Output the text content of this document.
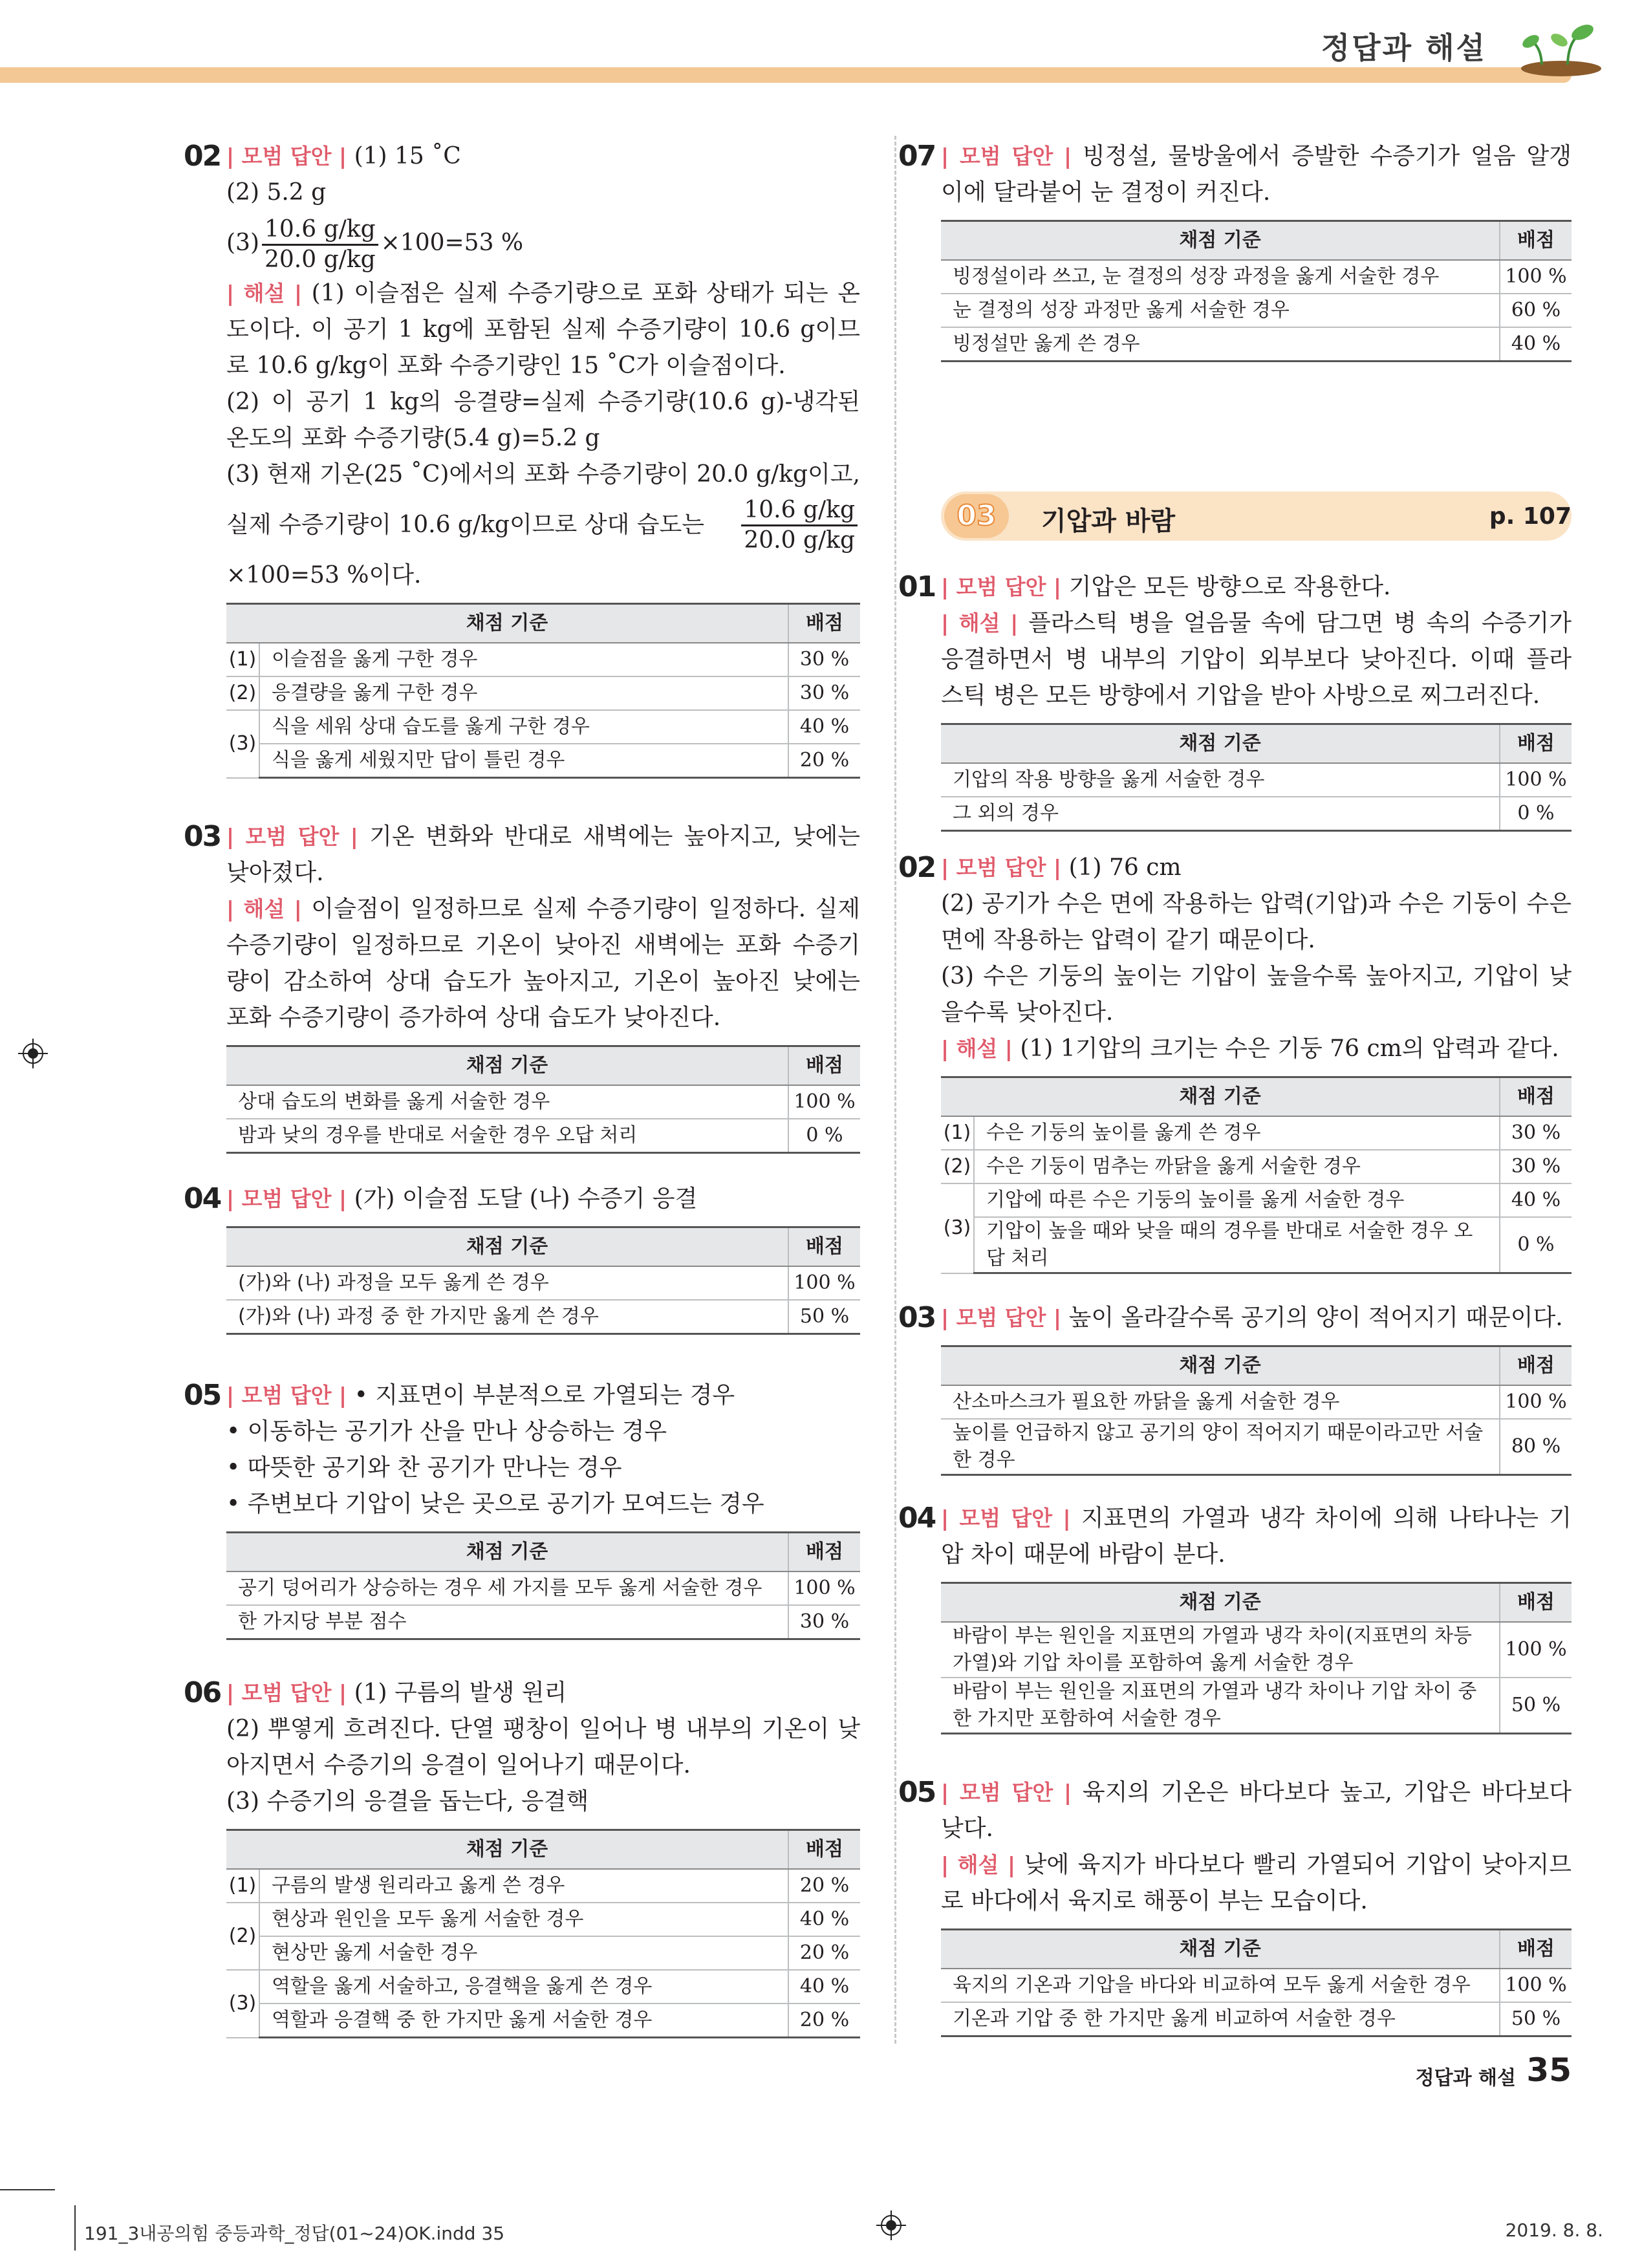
정답과 해설
02 | 모범 답안 | (1) 15 ˚C
(2) 5.2 g
$(3) \frac{10.6 g/kg}{20.0 g/kg} \times 100=53$ %
| 해설 | (1) 이슬점은 실제 수증기량으로 포화 상태가 되는 온
도이다. 이 공기 1 kg에 포함된 실제 수증기량이 10.6 g이므
로 10.6 g/kg이 포화 수증기량인 15 ˚C가 이슬점이다.
(2) 이 공기 1 kg의 응결량=실제 수증기량(10.6 g)-냉각된
온도의 포화 수증기량(5.4 g)=5.2 g
(3) 현재 기온(25 ˚C)에서의 포화 수증기량이 20.0 g/kg이고,
실제 수증기량이 10.6 g/kg이므로 상대 습도는 $\frac{10.6 g/kg}{20.0 g/kg}$
×100=53 %이다.
채점 기준		배점
(1)	이슬점을 옳게 구한 경우	30 %
(2)	응결량을 옳게 구한 경우	30 %
(3)	식을 세워 상대 습도를 옳게 구한 경우	40 %
	식을 옳게 세웠지만 답이 틀린 경우	20 %
03 | 모범 답안 | 기온 변화와 반대로 새벽에는 높아지고, 낮에는
낮아졌다.
| 해설 | 이슬점이 일정하므로 실제 수증기량이 일정하다. 실제
수증기량이 일정하므로 기온이 낮아진 새벽에는 포화 수증기
량이 감소하여 상대 습도가 높아지고, 기온이 높아진 낮에는
포화 수증기량이 증가하여 상대 습도가 낮아진다.
채점 기준	배점
상대 습도의 변화를 옳게 서술한 경우	100 %
밤과 낮의 경우를 반대로 서술한 경우 오답 처리	0 %
04 | 모범 답안 | (가) 이슬점 도달 (나) 수증기 응결
채점 기준	배점
(가)와 (나) 과정을 모두 옳게 쓴 경우	100 %
(가)와 (나) 과정 중 한 가지만 옳게 쓴 경우	50 %
05 | 모범 답안 | • 지표면이 부분적으로 가열되는 경우
• 이동하는 공기가 산을 만나 상승하는 경우
• 따뜻한 공기와 찬 공기가 만나는 경우
• 주변보다 기압이 낮은 곳으로 공기가 모여드는 경우
채점 기준	배점
공기 덩어리가 상승하는 경우 세 가지를 모두 옳게 서술한 경우	100 %
한 가지당 부분 점수	30 %
06 | 모범 답안 | (1) 구름의 발생 원리
(2) 뿌옇게 흐려진다. 단열 팽창이 일어나 병 내부의 기온이 낮
아지면서 수증기의 응결이 일어나기 때문이다.
(3) 수증기의 응결을 돕는다, 응결핵
채점 기준		배점
(1)	구름의 발생 원리라고 옳게 쓴 경우	20 %
(2)	현상과 원인을 모두 옳게 서술한 경우	40 %
	현상만 옳게 서술한 경우	20 %
(3)	역할을 옳게 서술하고, 응결핵을 옳게 쓴 경우	40 %
	역할과 응결핵 중 한 가지만 옳게 서술한 경우	20 %
07 | 모범 답안 | 빙정설, 물방울에서 증발한 수증기가 얼음 알갱
이에 달라붙어 눈 결정이 커진다.
채점 기준	배점
빙정설이라 쓰고, 눈 결정의 성장 과정을 옳게 서술한 경우	100 %
눈 결정의 성장 과정만 옳게 서술한 경우	60 %
빙정설만 옳게 쓴 경우	40 %
03	기압과 바람	p. 107
01 | 모범 답안 | 기압은 모든 방향으로 작용한다.
| 해설 | 플라스틱 병을 얼음물 속에 담그면 병 속의 수증기가
응결하면서 병 내부의 기압이 외부보다 낮아진다. 이때 플라
스틱 병은 모든 방향에서 기압을 받아 사방으로 찌그러진다.
채점 기준	배점
기압의 작용 방향을 옳게 서술한 경우	100 %
그 외의 경우	0 %
02 | 모범 답안 | (1) 76 cm
(2) 공기가 수은 면에 작용하는 압력(기압)과 수은 기둥이 수은
면에 작용하는 압력이 같기 때문이다.
(3) 수은 기둥의 높이는 기압이 높을수록 높아지고, 기압이 낮
을수록 낮아진다.
| 해설 | (1) 1기압의 크기는 수은 기둥 76 cm의 압력과 같다.
채점 기준		배점
(1)	수은 기둥의 높이를 옳게 쓴 경우	30 %
(2)	수은 기둥이 멈추는 까닭을 옳게 서술한 경우	30 %
(3)	기압에 따른 수은 기둥의 높이를 옳게 서술한 경우	40 %
	기압이 높을 때와 낮을 때의 경우를 반대로 서술한 경우 오답 처리	0 %
03 | 모범 답안 | 높이 올라갈수록 공기의 양이 적어지기 때문이다.
채점 기준	배점
산소마스크가 필요한 까닭을 옳게 서술한 경우	100 %
높이를 언급하지 않고 공기의 양이 적어지기 때문이라고만 서술한 경우	80 %
04 | 모범 답안 | 지표면의 가열과 냉각 차이에 의해 나타나는 기
압 차이 때문에 바람이 분다.
채점 기준	배점
바람이 부는 원인을 지표면의 가열과 냉각 차이(지표면의 차등 가열)와 기압 차이를 포함하여 옳게 서술한 경우	100 %
바람이 부는 원인을 지표면의 가열과 냉각 차이나 기압 차이 중 한 가지만 포함하여 서술한 경우	50 %
05 | 모범 답안 | 육지의 기온은 바다보다 높고, 기압은 바다보다
낮다.
| 해설 | 낮에 육지가 바다보다 빨리 가열되어 기압이 낮아지므
로 바다에서 육지로 해풍이 부는 모습이다.
채점 기준	배점
육지의 기온과 기압을 바다와 비교하여 모두 옳게 서술한 경우	100 %
기온과 기압 중 한 가지만 옳게 비교하여 서술한 경우	50 %
정답과 해설 35
191_3내공의힘 중등과학_정답(01~24)OK.indd 35	2019. 8. 8.
